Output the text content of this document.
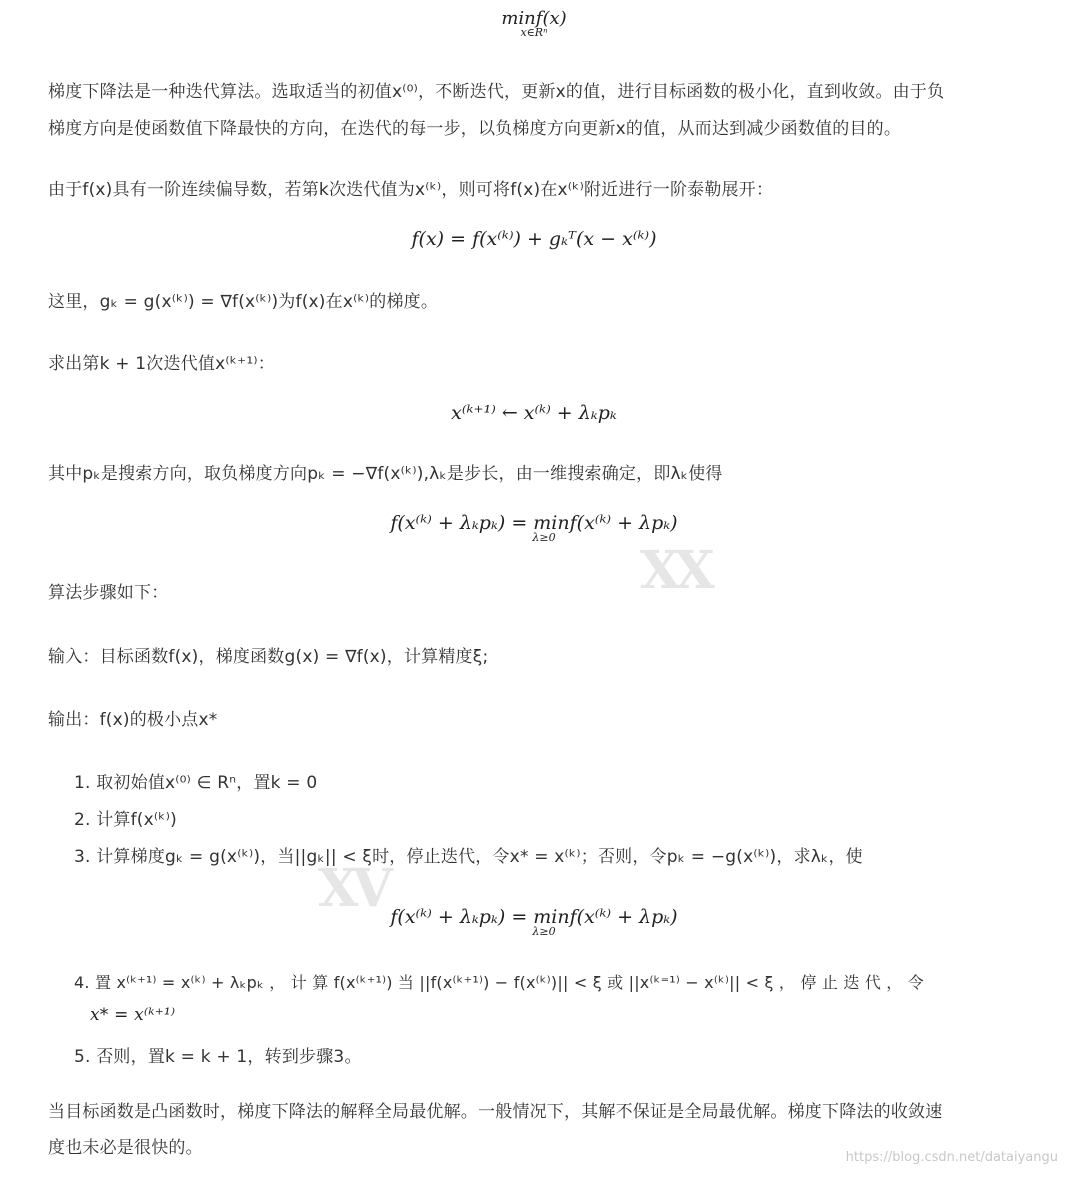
XX
XV
minf(x)
x∈Rⁿ
梯度下降法是一种迭代算法。选取适当的初值x⁽⁰⁾，不断迭代，更新x的值，进行目标函数的极小化，直到收敛。由于负
梯度方向是使函数值下降最快的方向，在迭代的每一步，以负梯度方向更新x的值，从而达到减少函数值的目的。
由于f(x)具有一阶连续偏导数，若第k次迭代值为x⁽ᵏ⁾，则可将f(x)在x⁽ᵏ⁾附近进行一阶泰勒展开：
f(x) = f(x⁽ᵏ⁾) + gₖᵀ(x − x⁽ᵏ⁾)
这里，gₖ = g(x⁽ᵏ⁾) = ∇f(x⁽ᵏ⁾)为f(x)在x⁽ᵏ⁾的梯度。
求出第k + 1次迭代值x⁽ᵏ⁺¹⁾：
x⁽ᵏ⁺¹⁾ ← x⁽ᵏ⁾ + λₖpₖ
其中pₖ是搜索方向，取负梯度方向pₖ = −∇f(x⁽ᵏ⁾),λₖ是步长，由一维搜索确定，即λₖ使得
f(x⁽ᵏ⁾ + λₖpₖ) = minf(x⁽ᵏ⁾ + λpₖ)
λ≥0
算法步骤如下：
输入：目标函数f(x)，梯度函数g(x) = ∇f(x)，计算精度ξ;
输出：f(x)的极小点x*
1. 取初始值x⁽⁰⁾ ∈ Rⁿ，置k = 0
2. 计算f(x⁽ᵏ⁾)
3. 计算梯度gₖ = g(x⁽ᵏ⁾)，当||gₖ|| < ξ时，停止迭代，令x* = x⁽ᵏ⁾；否则，令pₖ = −g(x⁽ᵏ⁾)，求λₖ，使
f(x⁽ᵏ⁾ + λₖpₖ) = minf(x⁽ᵏ⁾ + λpₖ)
λ≥0
4. 置 x⁽ᵏ⁺¹⁾ = x⁽ᵏ⁾ + λₖpₖ ， 计 算 f(x⁽ᵏ⁺¹⁾) 当 ||f(x⁽ᵏ⁺¹⁾) − f(x⁽ᵏ⁾)|| < ξ 或 ||x⁽ᵏ⁼¹⁾ − x⁽ᵏ⁾|| < ξ ， 停 止 迭 代 ， 令
x* = x⁽ᵏ⁺¹⁾
5. 否则，置k = k + 1，转到步骤3。
当目标函数是凸函数时，梯度下降法的解释全局最优解。一般情况下，其解不保证是全局最优解。梯度下降法的收敛速
度也未必是很快的。	https://blog.csdn.net/dataiyangu
